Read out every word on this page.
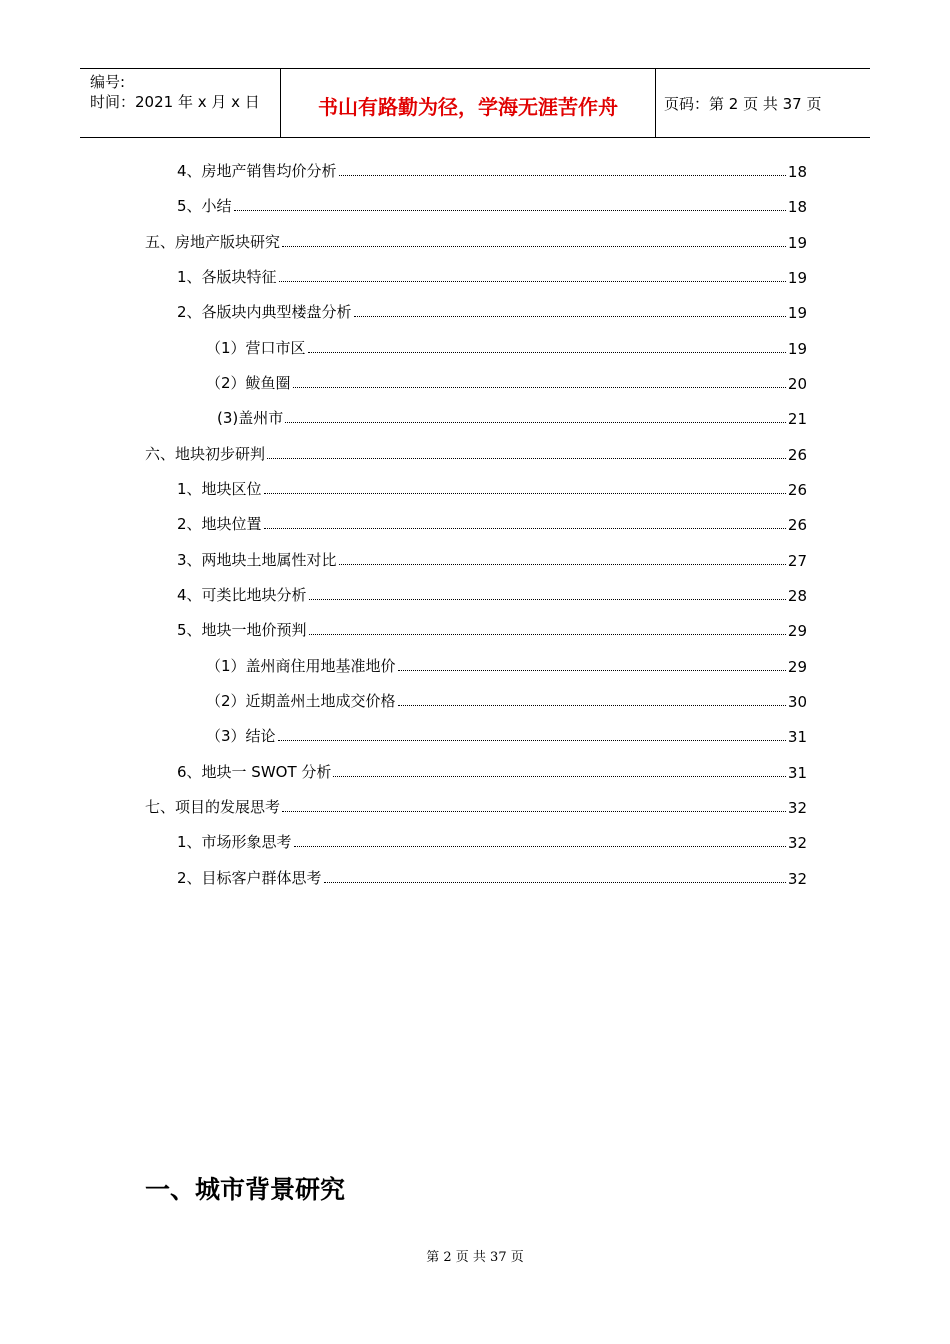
编号:
时间：2021 年 x 月 x 日	书山有路勤为径，学海无涯苦作舟	页码：第 2 页 共 37 页
4、房地产销售均价分析	18
5、小结	18
五、房地产版块研究	19
1、各版块特征	19
2、各版块内典型楼盘分析	19
（1）营口市区	19
（2）鲅鱼圈	20
(3)盖州市	21
六、地块初步研判	26
1、地块区位	26
2、地块位置	26
3、两地块土地属性对比	27
4、可类比地块分析	28
5、地块一地价预判	29
（1）盖州商住用地基准地价	29
（2）近期盖州土地成交价格	30
（3）结论	31
6、地块一 SWOT 分析	31
七、项目的发展思考	32
1、市场形象思考	32
2、目标客户群体思考	32
一、城市背景研究
第 2 页 共 37 页
